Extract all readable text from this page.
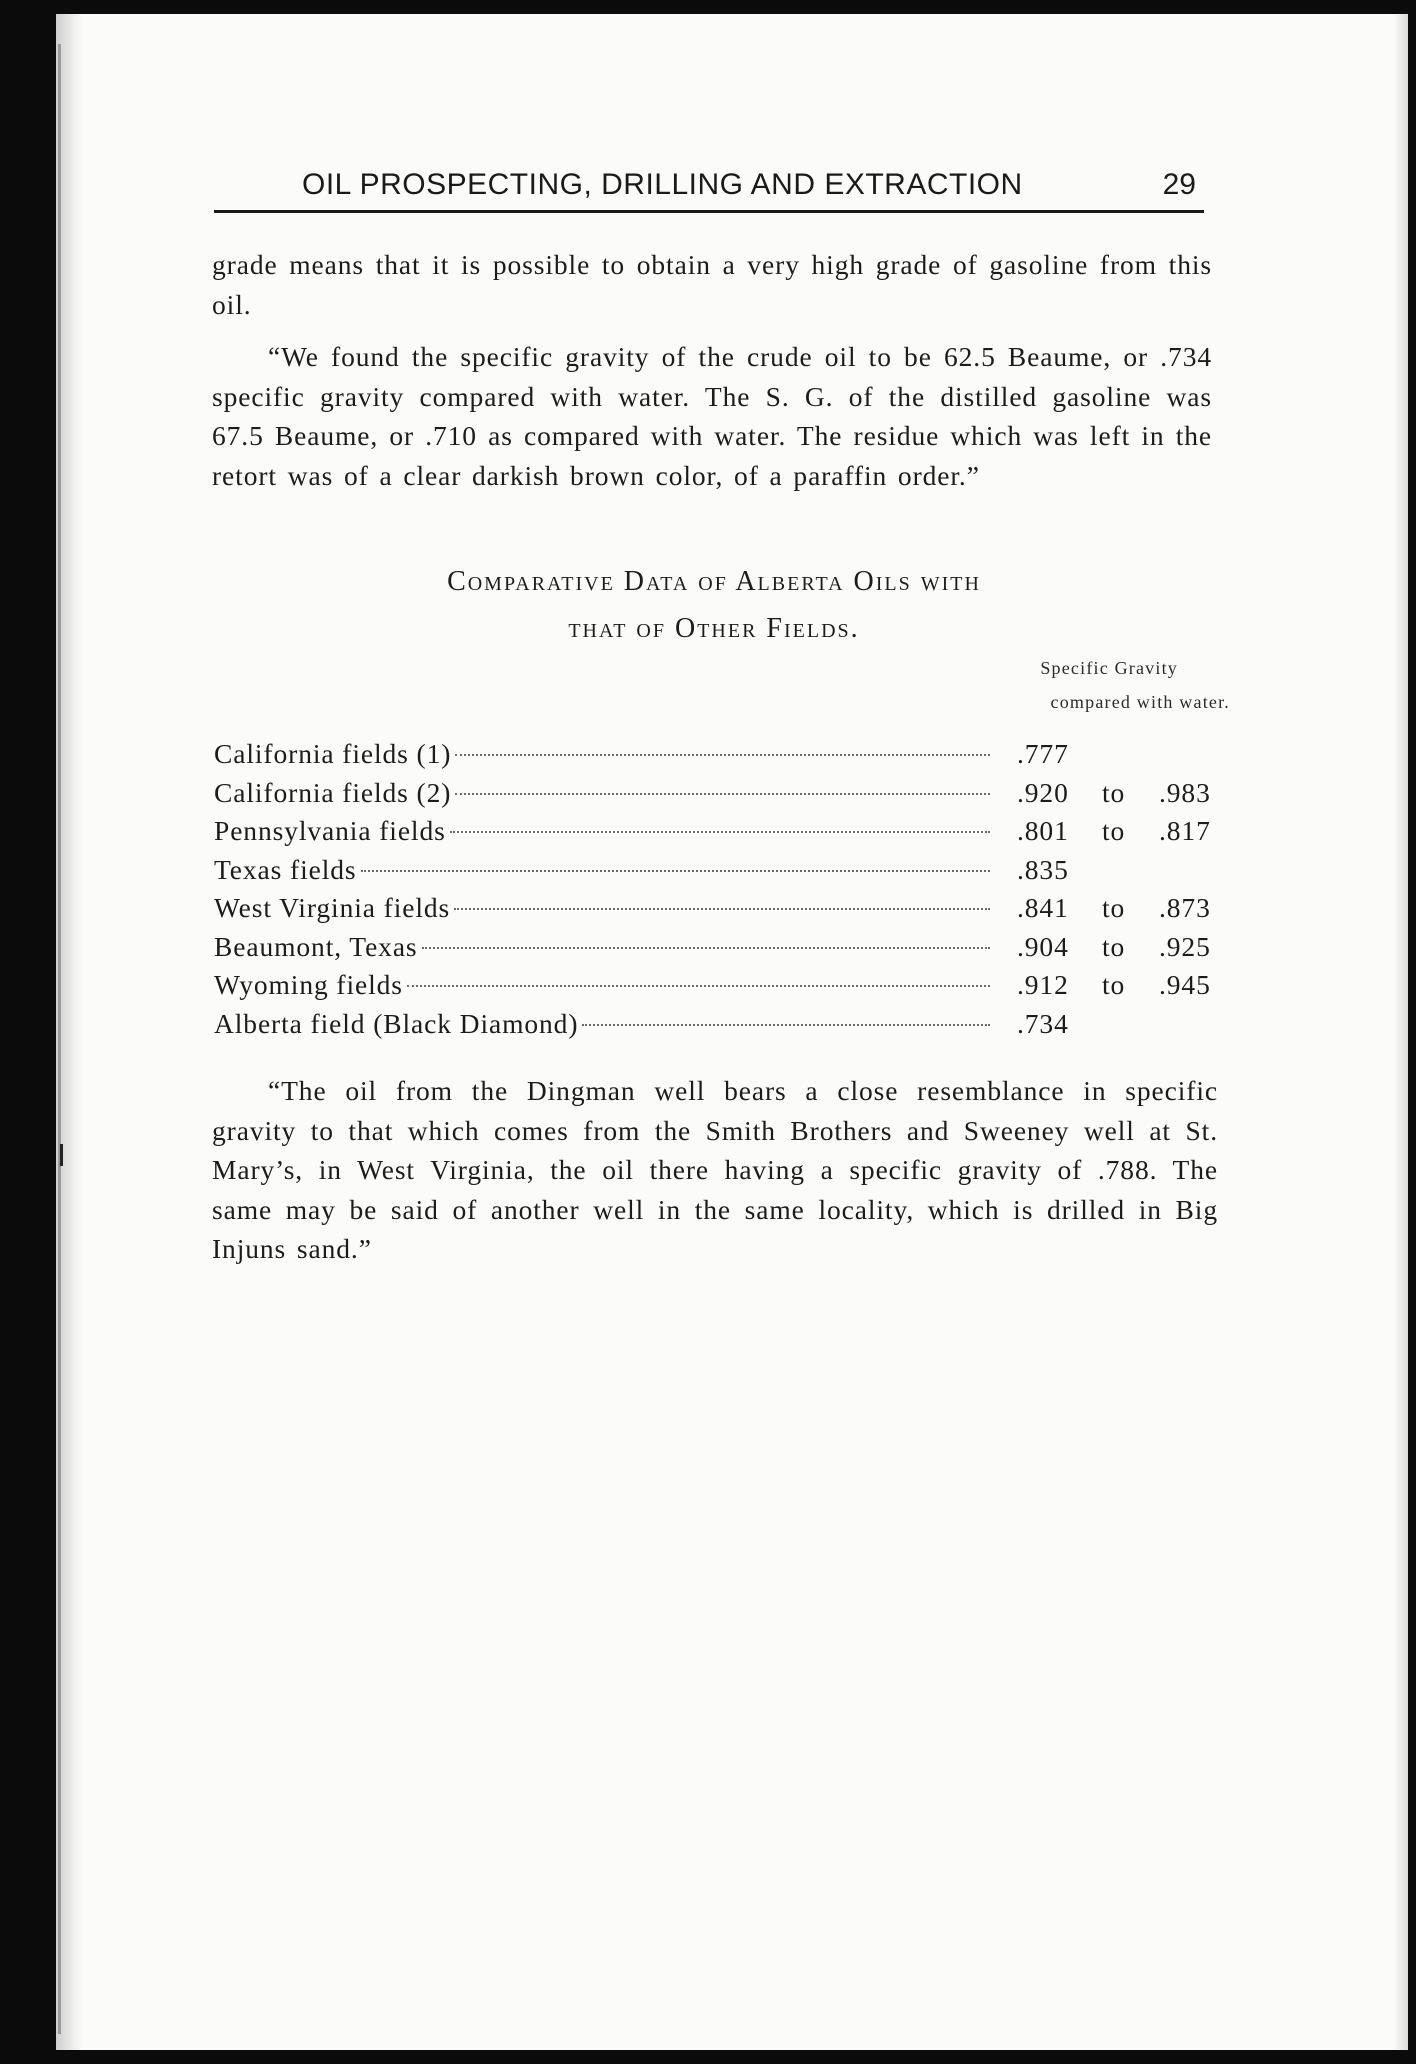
OIL PROSPECTING, DRILLING AND EXTRACTION	29
grade means that it is possible to obtain a very high grade of gasoline from this oil.
“We found the specific gravity of the crude oil to be 62.5 Beaume, or .734 specific gravity compared with water. The S. G. of the distilled gasoline was 67.5 Beaume, or .710 as compared with water. The residue which was left in the retort was of a clear darkish brown color, of a paraffin order.”
Comparative Data of Alberta Oils with
that of Other Fields.
Specific Gravity
compared with water.
California fields (1)	.777
California fields (2)	.920 to .983
Pennsylvania fields	.801 to .817
Texas fields	.835
West Virginia fields	.841 to .873
Beaumont, Texas	.904 to .925
Wyoming fields	.912 to .945
Alberta field (Black Diamond)	.734
“The oil from the Dingman well bears a close resemblance in specific gravity to that which comes from the Smith Brothers and Sweeney well at St. Mary’s, in West Virginia, the oil there having a specific gravity of .788. The same may be said of another well in the same locality, which is drilled in Big Injuns sand.”
